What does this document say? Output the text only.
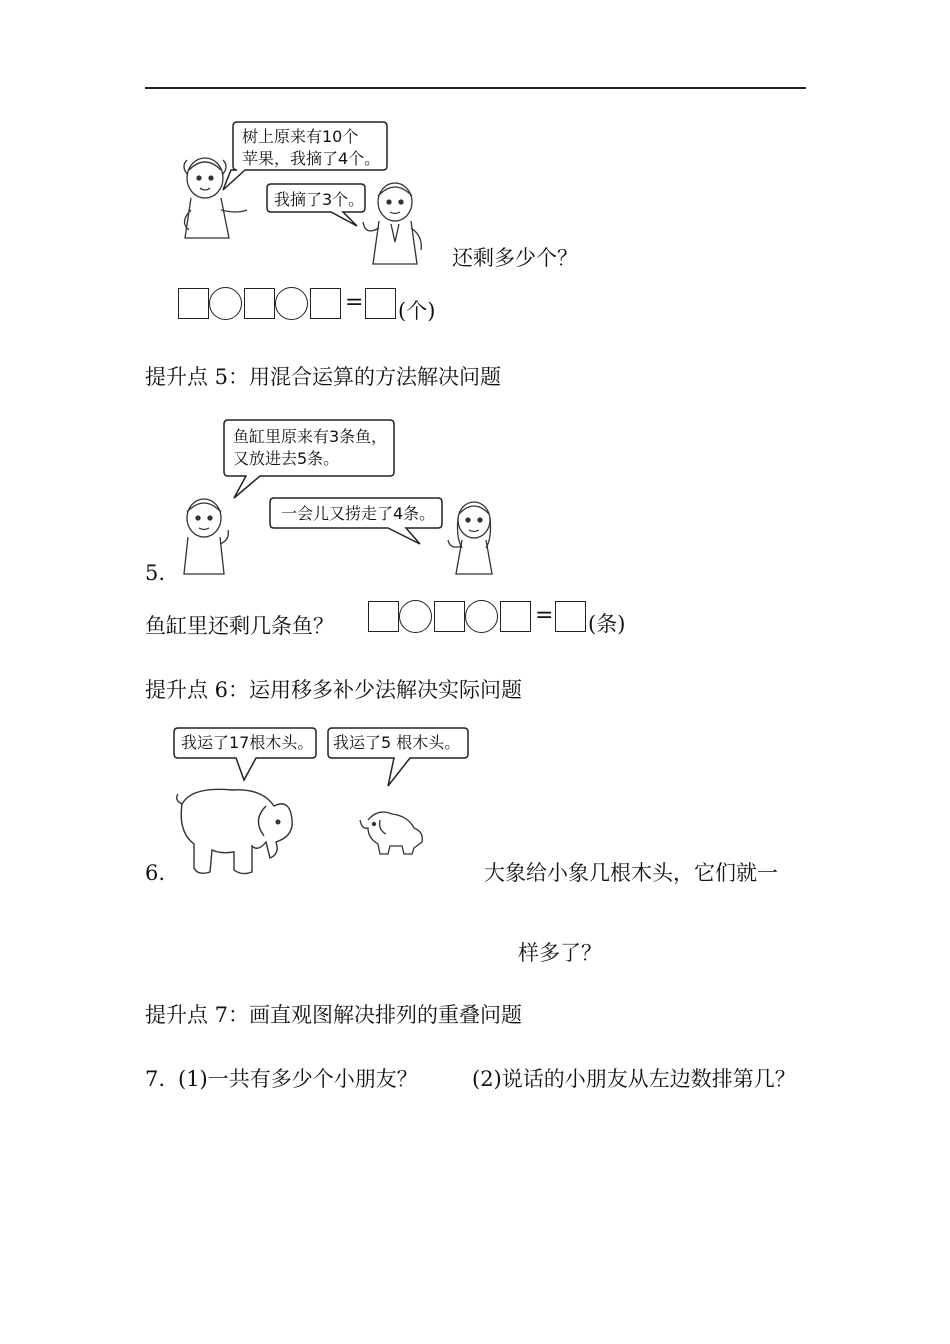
树上原来有10个
苹果，我摘了4个。
我摘了3个。
还剩多少个？
= (个)
提升点 5：用混合运算的方法解决问题
鱼缸里原来有3条鱼，
又放进去5条。
一会儿又捞走了4条。
5.
鱼缸里还剩几条鱼？	= (条)
提升点 6：运用移多补少法解决实际问题
我运了17根木头。 我运了5 根木头。
6.	大象给小象几根木头，它们就一
样多了？
提升点 7：画直观图解决排列的重叠问题
7. (1)一共有多少个小朋友？	(2)说话的小朋友从左边数排第几？
